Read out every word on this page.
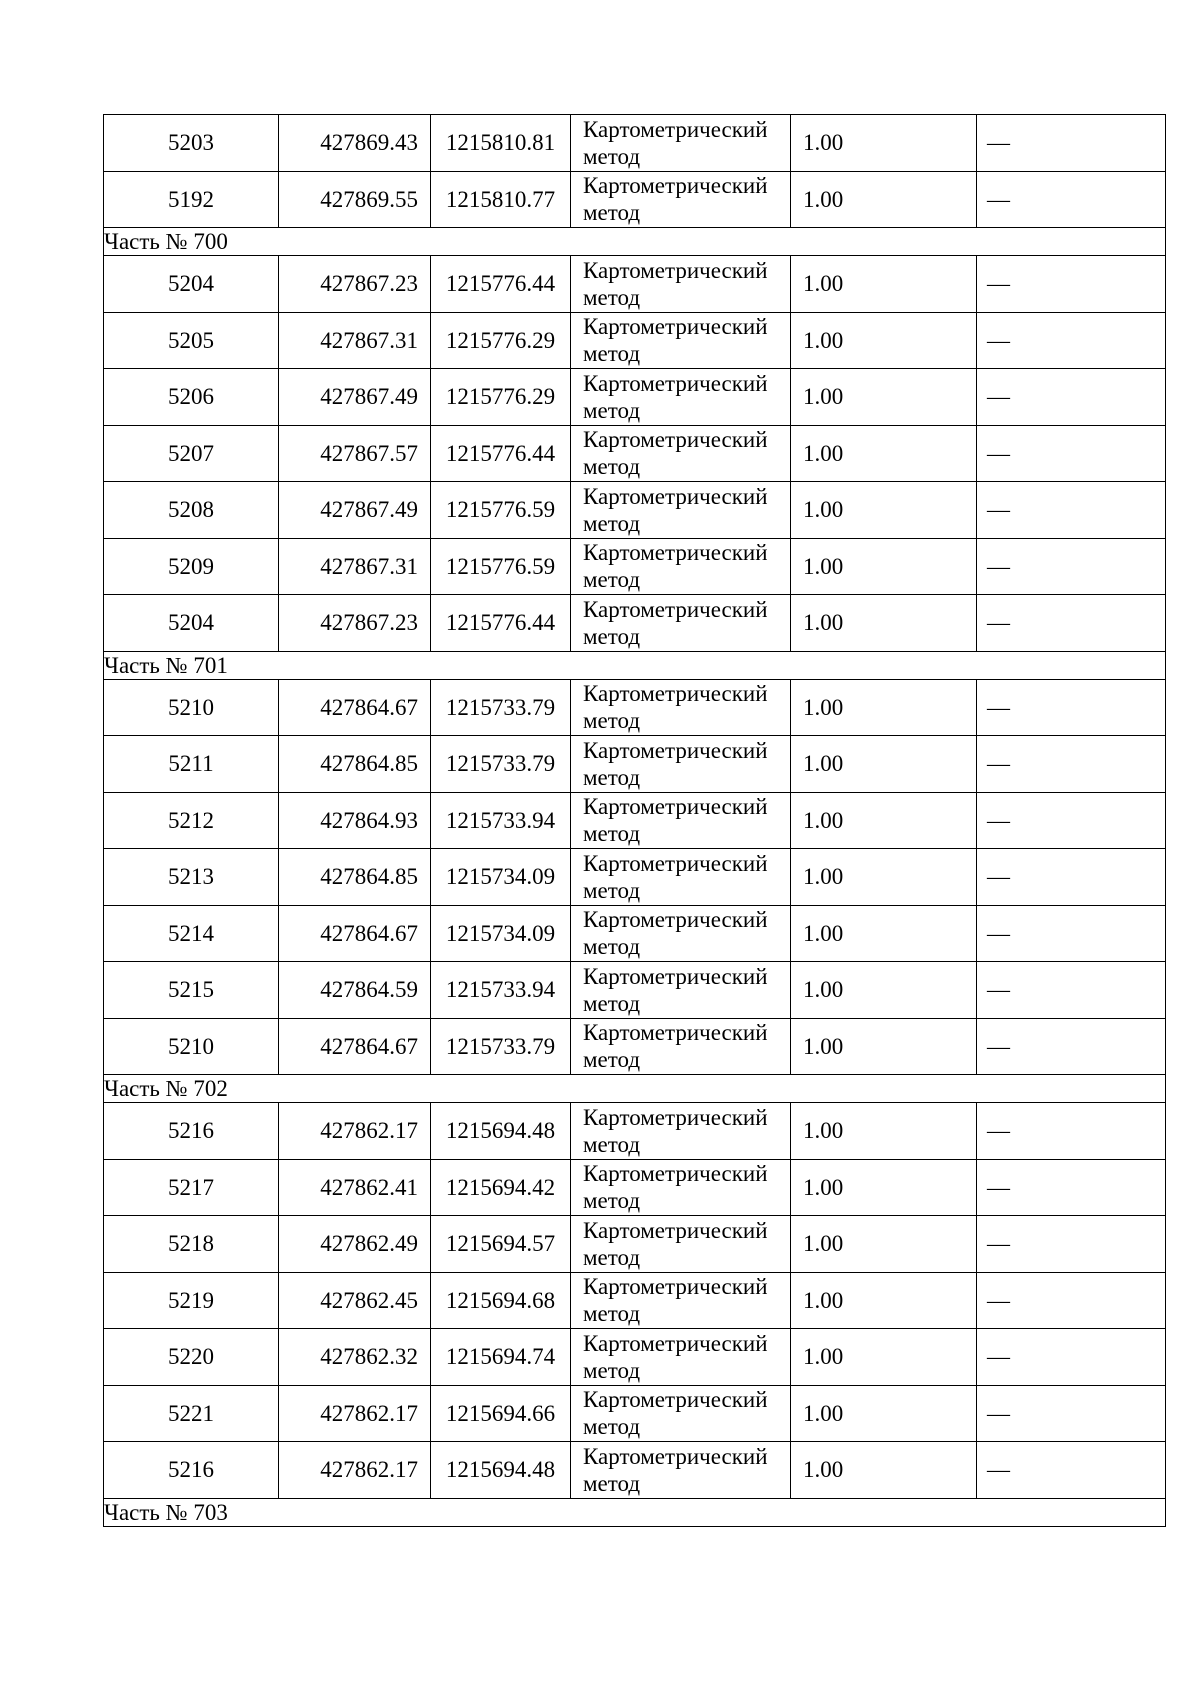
5203	427869.43	1215810.81	Картометрический метод	1.00	—
5192	427869.55	1215810.77	Картометрический метод	1.00	—
Часть № 700					
5204	427867.23	1215776.44	Картометрический метод	1.00	—
5205	427867.31	1215776.29	Картометрический метод	1.00	—
5206	427867.49	1215776.29	Картометрический метод	1.00	—
5207	427867.57	1215776.44	Картометрический метод	1.00	—
5208	427867.49	1215776.59	Картометрический метод	1.00	—
5209	427867.31	1215776.59	Картометрический метод	1.00	—
5204	427867.23	1215776.44	Картометрический метод	1.00	—
Часть № 701					
5210	427864.67	1215733.79	Картометрический метод	1.00	—
5211	427864.85	1215733.79	Картометрический метод	1.00	—
5212	427864.93	1215733.94	Картометрический метод	1.00	—
5213	427864.85	1215734.09	Картометрический метод	1.00	—
5214	427864.67	1215734.09	Картометрический метод	1.00	—
5215	427864.59	1215733.94	Картометрический метод	1.00	—
5210	427864.67	1215733.79	Картометрический метод	1.00	—
Часть № 702					
5216	427862.17	1215694.48	Картометрический метод	1.00	—
5217	427862.41	1215694.42	Картометрический метод	1.00	—
5218	427862.49	1215694.57	Картометрический метод	1.00	—
5219	427862.45	1215694.68	Картометрический метод	1.00	—
5220	427862.32	1215694.74	Картометрический метод	1.00	—
5221	427862.17	1215694.66	Картометрический метод	1.00	—
5216	427862.17	1215694.48	Картометрический метод	1.00	—
Часть № 703					
